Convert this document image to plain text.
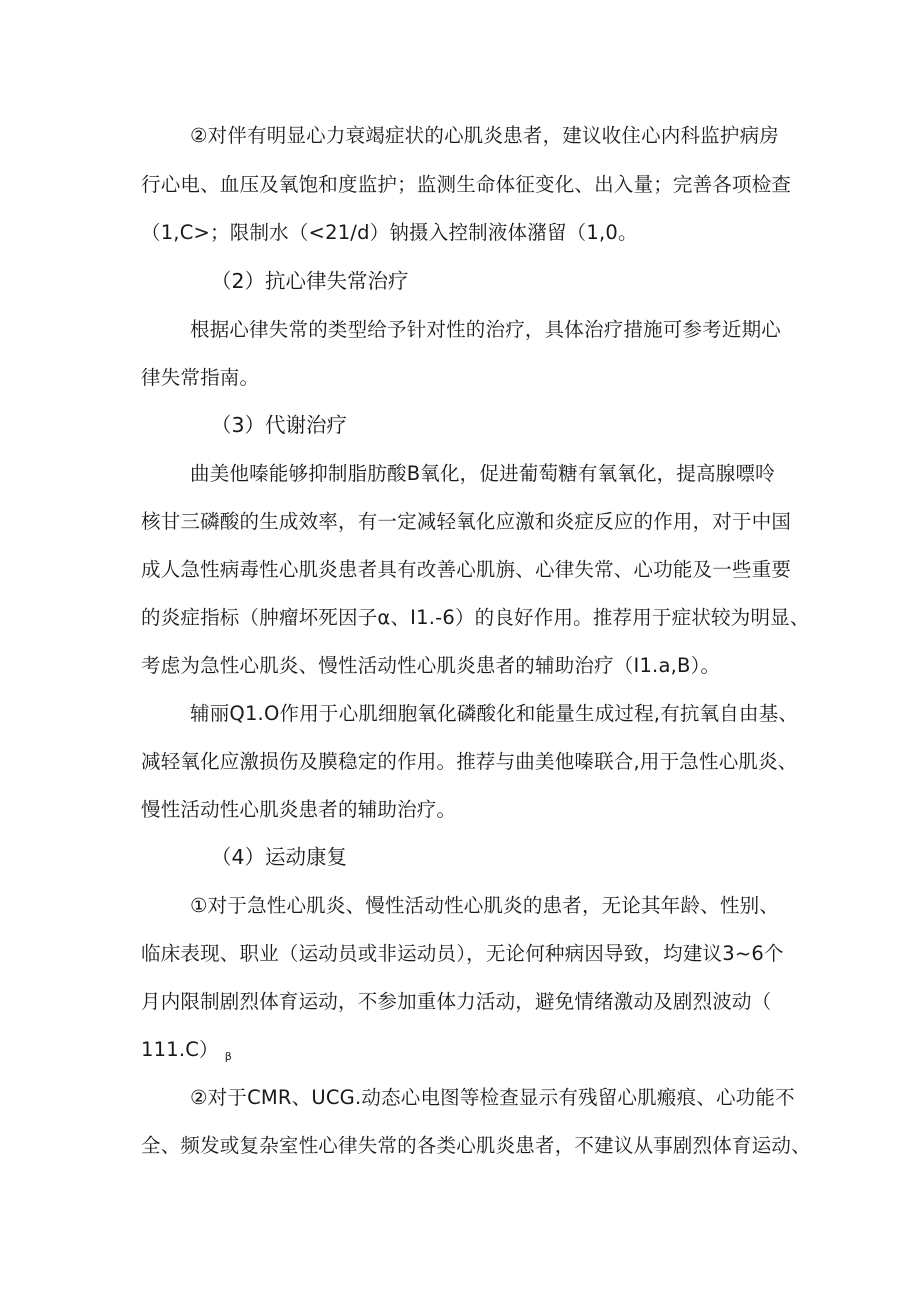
②对伴有明显心力衰竭症状的心肌炎患者，建议收住心内科监护病房
行心电、血压及氧饱和度监护；监测生命体征变化、出入量；完善各项检查
（1,C>；限制水（<21∕d）钠摄入控制液体潴留（1,0。
（2）抗心律失常治疗
根据心律失常的类型给予针对性的治疗，具体治疗措施可参考近期心
律失常指南。
（3）代谢治疗
曲美他嗪能够抑制脂肪酸B氧化，促进葡萄糖有氧氧化，提高腺嘌呤
核甘三磷酸的生成效率，有一定减轻氧化应激和炎症反应的作用，对于中国
成人急性病毒性心肌炎患者具有改善心肌旃、心律失常、心功能及一些重要
的炎症指标（肿瘤坏死因子α、I1.-6）的良好作用。推荐用于症状较为明显、
考虑为急性心肌炎、慢性活动性心肌炎患者的辅助治疗（I1.a,B）。
辅丽Q1.O作用于心肌细胞氧化磷酸化和能量生成过程,有抗氧自由基、
减轻氧化应激损伤及膜稳定的作用。推荐与曲美他嗪联合,用于急性心肌炎、
慢性活动性心肌炎患者的辅助治疗。
（4）运动康复
①对于急性心肌炎、慢性活动性心肌炎的患者，无论其年龄、性别、
临床表现、职业（运动员或非运动员），无论何种病因导致，均建议3~6个
月内限制剧烈体育运动，不参加重体力活动，避免情绪激动及剧烈波动（
111.C） $_\beta$
②对于CMR、UCG.动态心电图等检查显示有残留心肌瘢痕、心功能不
全、频发或复杂室性心律失常的各类心肌炎患者，不建议从事剧烈体育运动、
